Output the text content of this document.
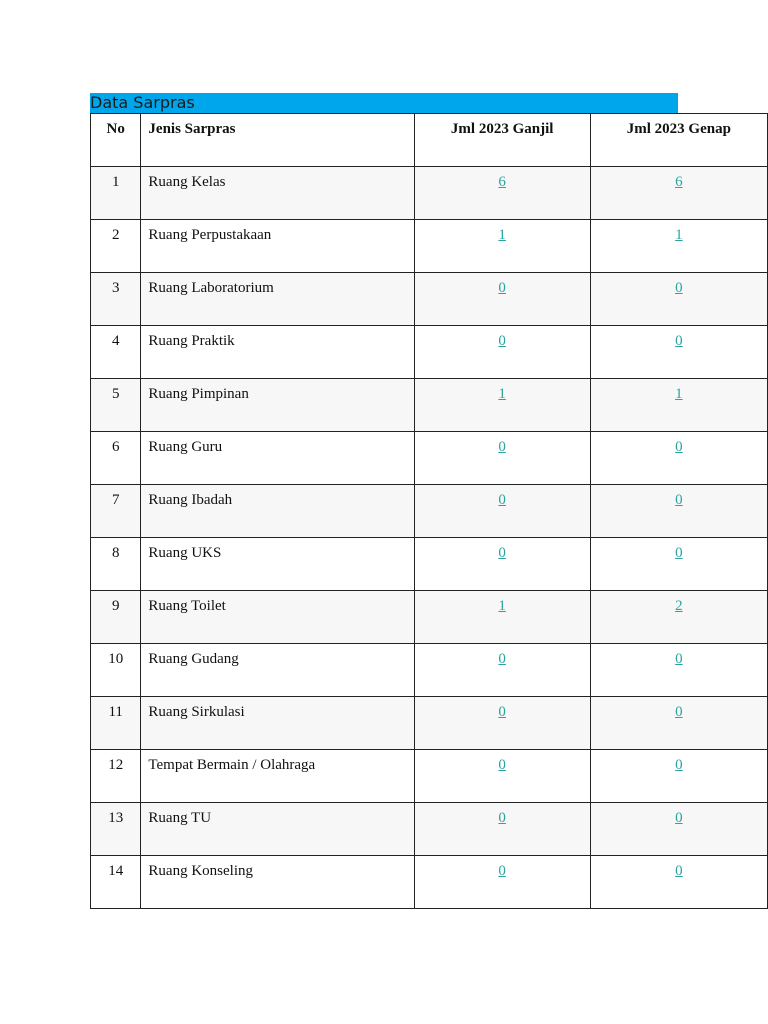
Data Sarpras
No	Jenis Sarpras	Jml 2023 Ganjil	Jml 2023 Genap
1	Ruang Kelas	6	6
2	Ruang Perpustakaan	1	1
3	Ruang Laboratorium	0	0
4	Ruang Praktik	0	0
5	Ruang Pimpinan	1	1
6	Ruang Guru	0	0
7	Ruang Ibadah	0	0
8	Ruang UKS	0	0
9	Ruang Toilet	1	2
10	Ruang Gudang	0	0
11	Ruang Sirkulasi	0	0
12	Tempat Bermain / Olahraga	0	0
13	Ruang TU	0	0
14	Ruang Konseling	0	0
